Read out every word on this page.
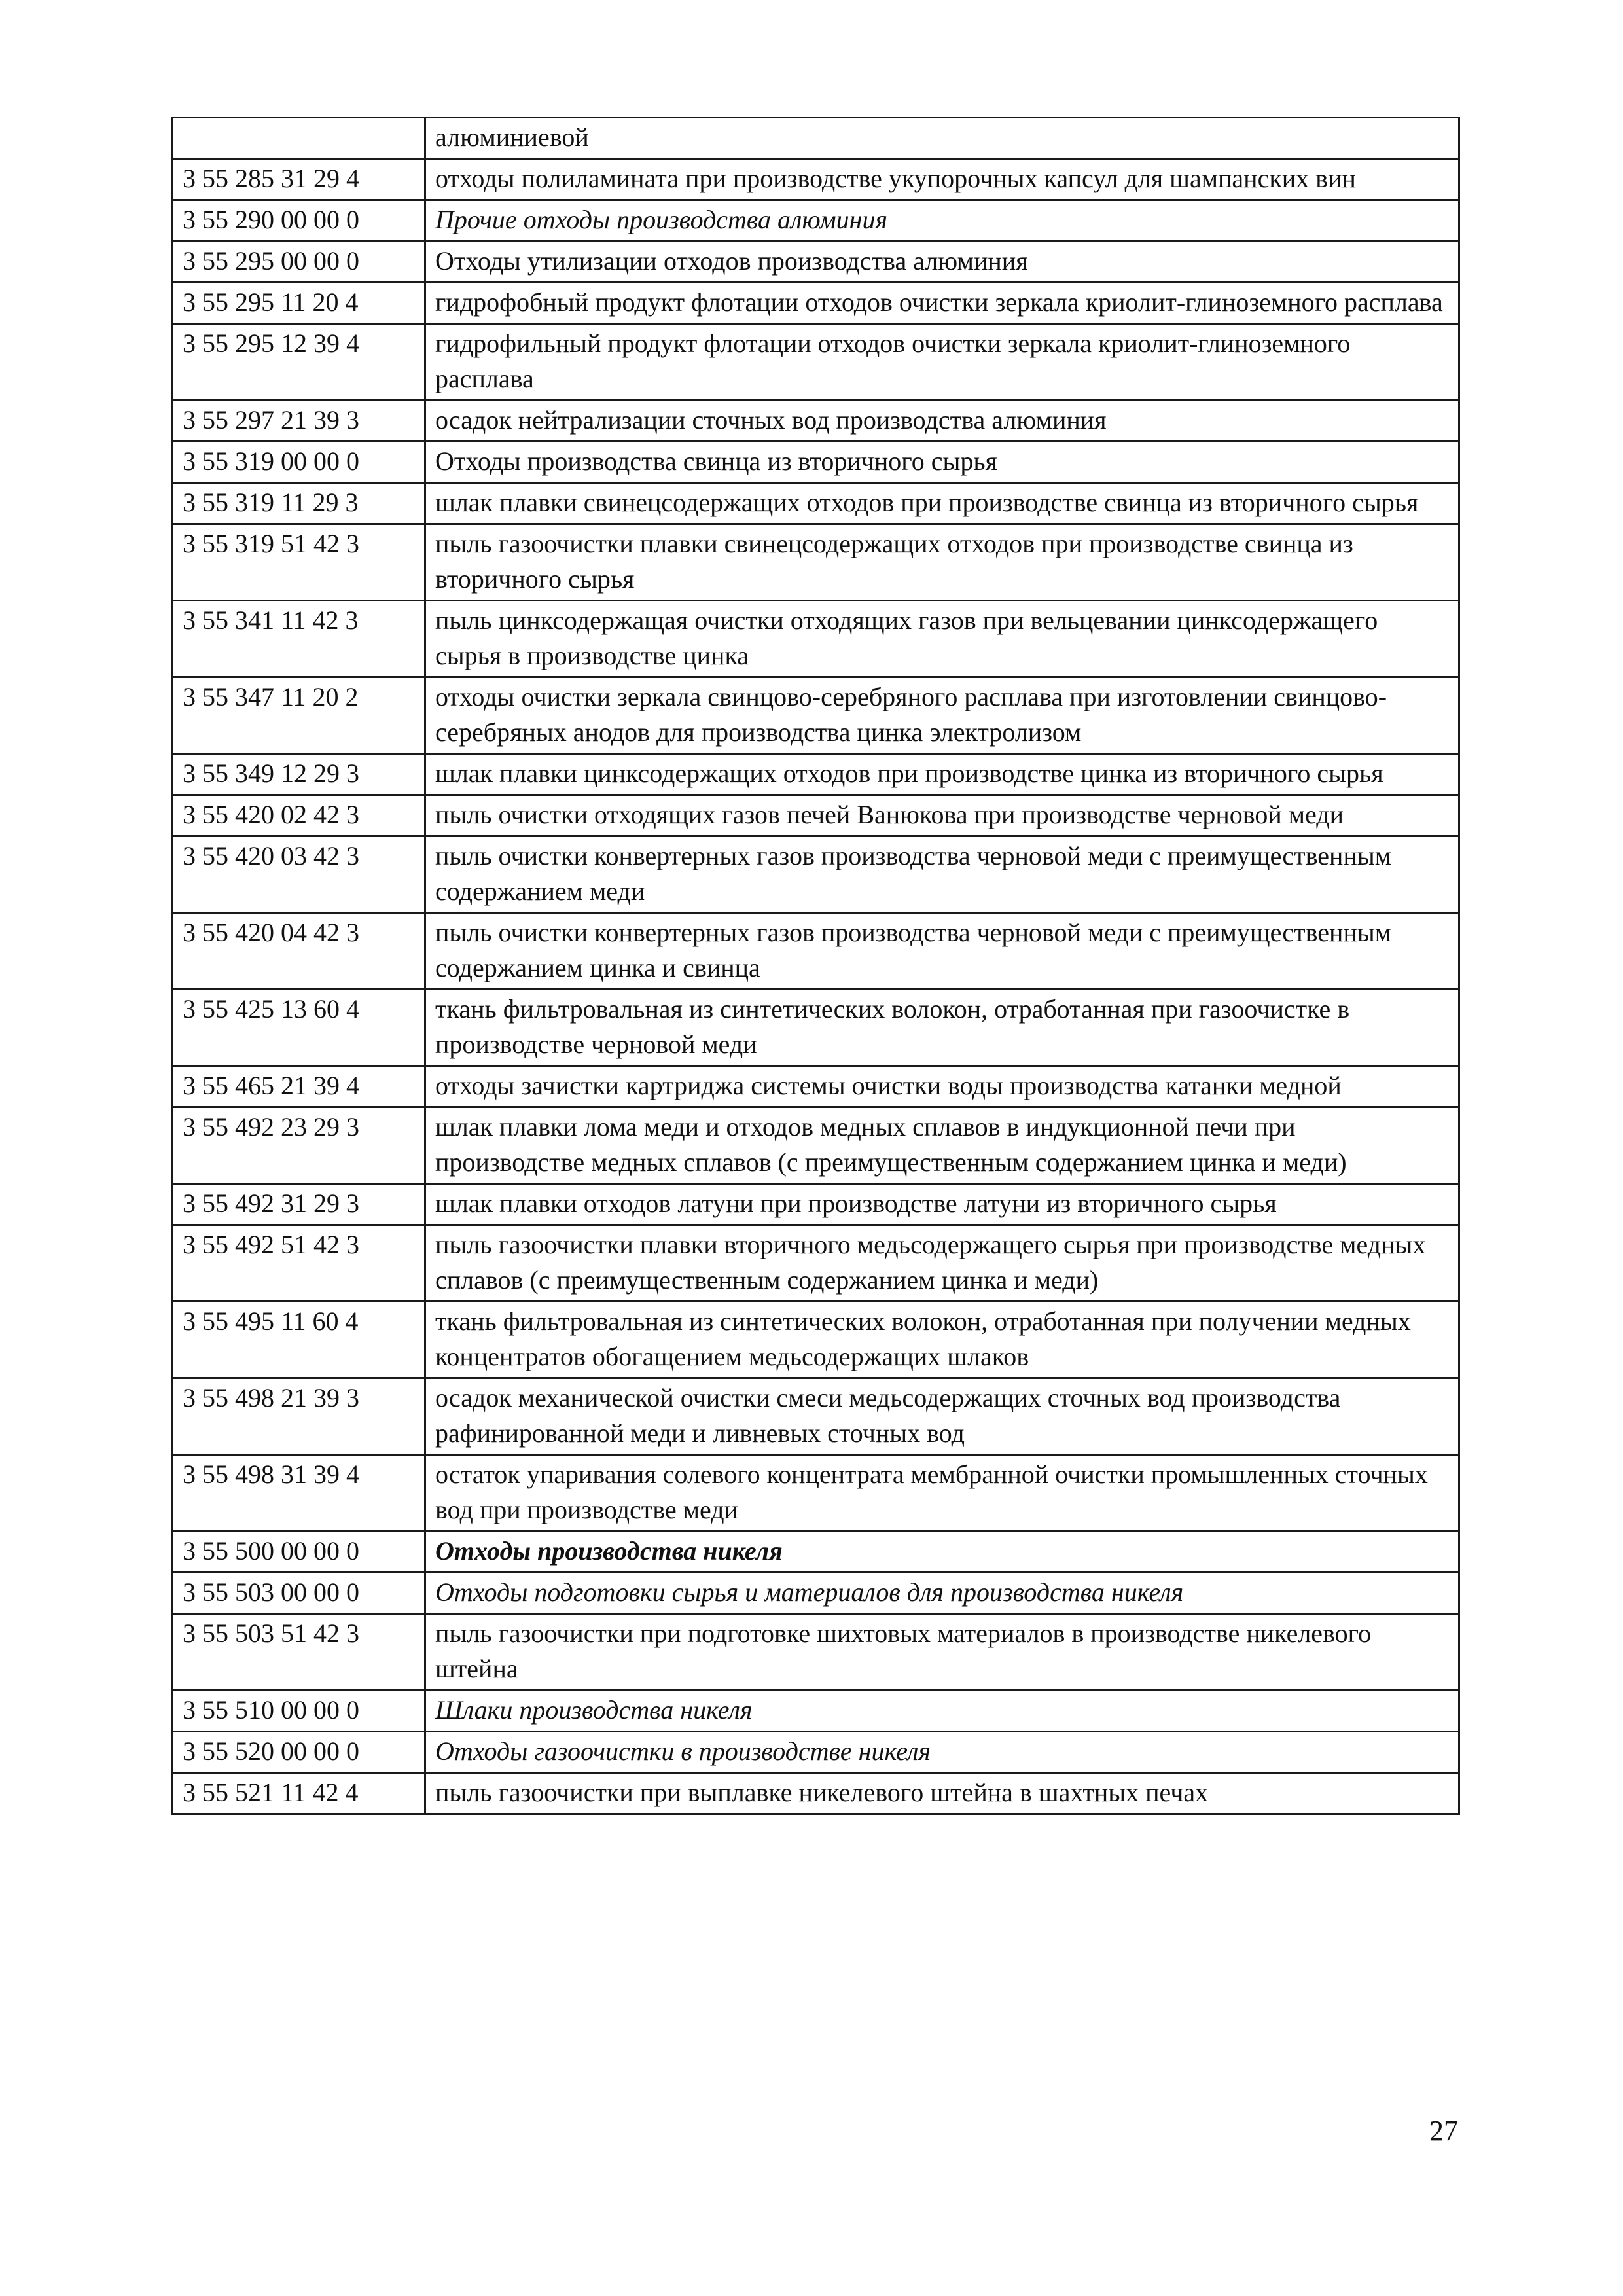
	алюминиевой
3 55 285 31 29 4	отходы полиламината при производстве укупорочных капсул для шампанских вин
3 55 290 00 00 0	Прочие отходы производства алюминия
3 55 295 00 00 0	Отходы утилизации отходов производства алюминия
3 55 295 11 20 4	гидрофобный продукт флотации отходов очистки зеркала криолит-глиноземного расплава
3 55 295 12 39 4	гидрофильный продукт флотации отходов очистки зеркала криолит-глиноземного расплава
3 55 297 21 39 3	осадок нейтрализации сточных вод производства алюминия
3 55 319 00 00 0	Отходы производства свинца из вторичного сырья
3 55 319 11 29 3	шлак плавки свинецсодержащих отходов при производстве свинца из вторичного сырья
3 55 319 51 42 3	пыль газоочистки плавки свинецсодержащих отходов при производстве свинца из вторичного сырья
3 55 341 11 42 3	пыль цинксодержащая очистки отходящих газов при вельцевании цинксодержащего сырья в производстве цинка
3 55 347 11 20 2	отходы очистки зеркала свинцово-серебряного расплава при изготовлении свинцово-серебряных анодов для производства цинка электролизом
3 55 349 12 29 3	шлак плавки цинксодержащих отходов при производстве цинка из вторичного сырья
3 55 420 02 42 3	пыль очистки отходящих газов печей Ванюкова при производстве черновой меди
3 55 420 03 42 3	пыль очистки конвертерных газов производства черновой меди с преимущественным содержанием меди
3 55 420 04 42 3	пыль очистки конвертерных газов производства черновой меди с преимущественным содержанием цинка и свинца
3 55 425 13 60 4	ткань фильтровальная из синтетических волокон, отработанная при газоочистке в производстве черновой меди
3 55 465 21 39 4	отходы зачистки картриджа системы очистки воды производства катанки медной
3 55 492 23 29 3	шлак плавки лома меди и отходов медных сплавов в индукционной печи при производстве медных сплавов (с преимущественным содержанием цинка и меди)
3 55 492 31 29 3	шлак плавки отходов латуни при производстве латуни из вторичного сырья
3 55 492 51 42 3	пыль газоочистки плавки вторичного медьсодержащего сырья при производстве медных сплавов (с преимущественным содержанием цинка и меди)
3 55 495 11 60 4	ткань фильтровальная из синтетических волокон, отработанная при получении медных концентратов обогащением медьсодержащих шлаков
3 55 498 21 39 3	осадок механической очистки смеси медьсодержащих сточных вод производства рафинированной меди и ливневых сточных вод
3 55 498 31 39 4	остаток упаривания солевого концентрата мембранной очистки промышленных сточных вод при производстве меди
3 55 500 00 00 0	Отходы производства никеля
3 55 503 00 00 0	Отходы подготовки сырья и материалов для производства никеля
3 55 503 51 42 3	пыль газоочистки при подготовке шихтовых материалов в производстве никелевого штейна
3 55 510 00 00 0	Шлаки производства никеля
3 55 520 00 00 0	Отходы газоочистки в производстве никеля
3 55 521 11 42 4	пыль газоочистки при выплавке никелевого штейна в шахтных печах
27
